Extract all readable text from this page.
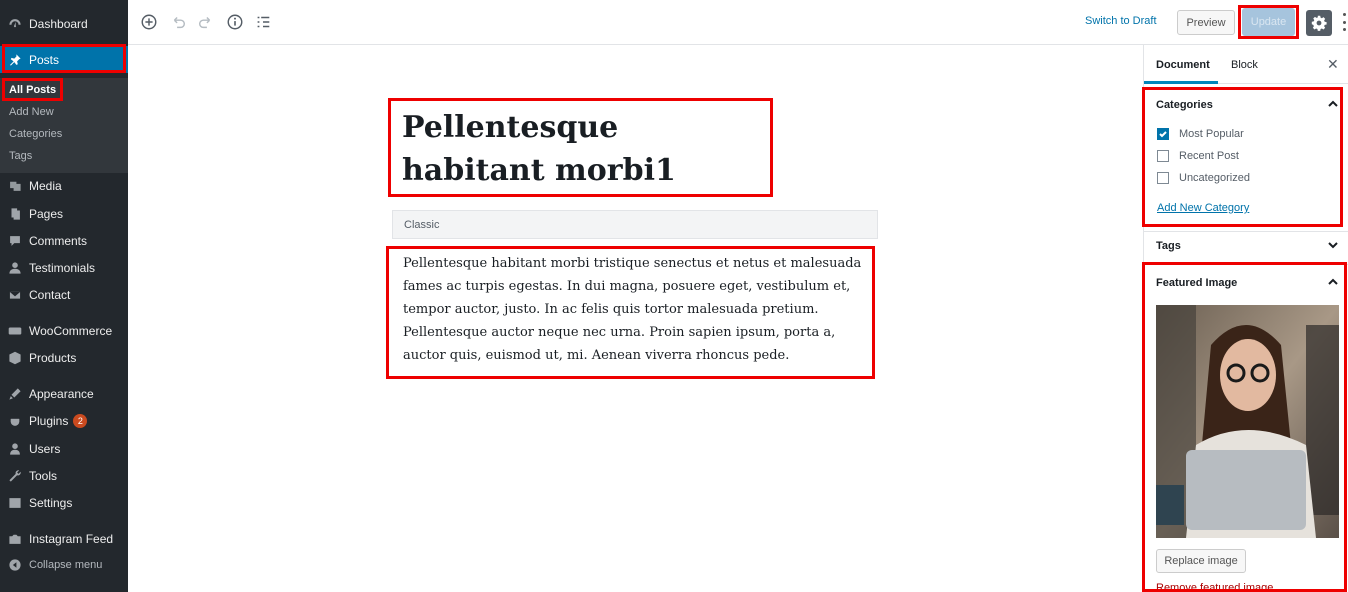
Dashboard
Posts
All Posts
Add New
Categories
Tags
Media
Pages
Comments
Testimonials
Contact
WooCommerce
Products
Appearance
Plugins	2
Users
Tools
Settings
Instagram Feed
Collapse menu
Switch to Draft	Preview	Update
Pellentesque habitant morbi1
Classic
Pellentesque habitant morbi tristique senectus et netus et malesuada fames ac turpis egestas. In dui magna, posuere eget, vestibulum et, tempor auctor, justo. In ac felis quis tortor malesuada pretium. Pellentesque auctor neque nec urna. Proin sapien ipsum, porta a, auctor quis, euismod ut, mi. Aenean viverra rhoncus pede.
Document Block	✕
Categories
Most Popular
Recent Post
Uncategorized
Add New Category
Tags
Featured Image
Replace image
Remove featured image
